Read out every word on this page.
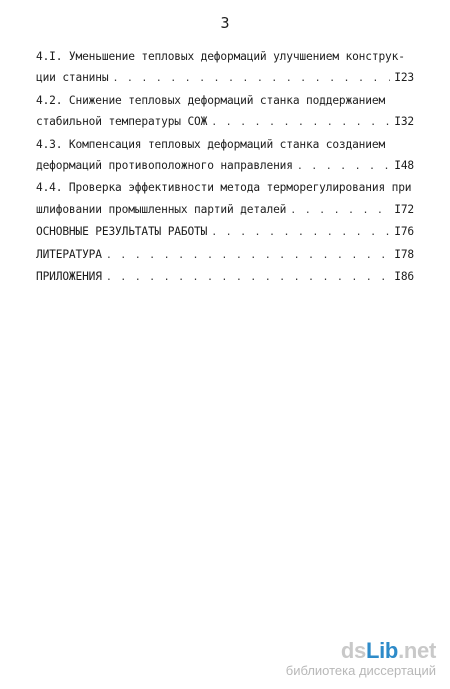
3
4.I. Уменьшение тепловых деформаций улучшением конструк-
ции станины . . .	I23
4.2. Снижение тепловых деформаций станка поддержанием
стабильной температуры СОЖ . . .	I32
4.3. Компенсация тепловых деформаций станка созданием
деформаций противоположного направления . . .	I48
4.4. Проверка эффективности метода терморегулирования при
шлифовании промышленных партий деталей . . .	I72
ОСНОВНЫЕ РЕЗУЛЬТАТЫ РАБОТЫ . . .	I76
ЛИТЕРАТУРА . . .	I78
ПРИЛОЖЕНИЯ . . .	I86
dsLib.net
библиотека диссертаций
